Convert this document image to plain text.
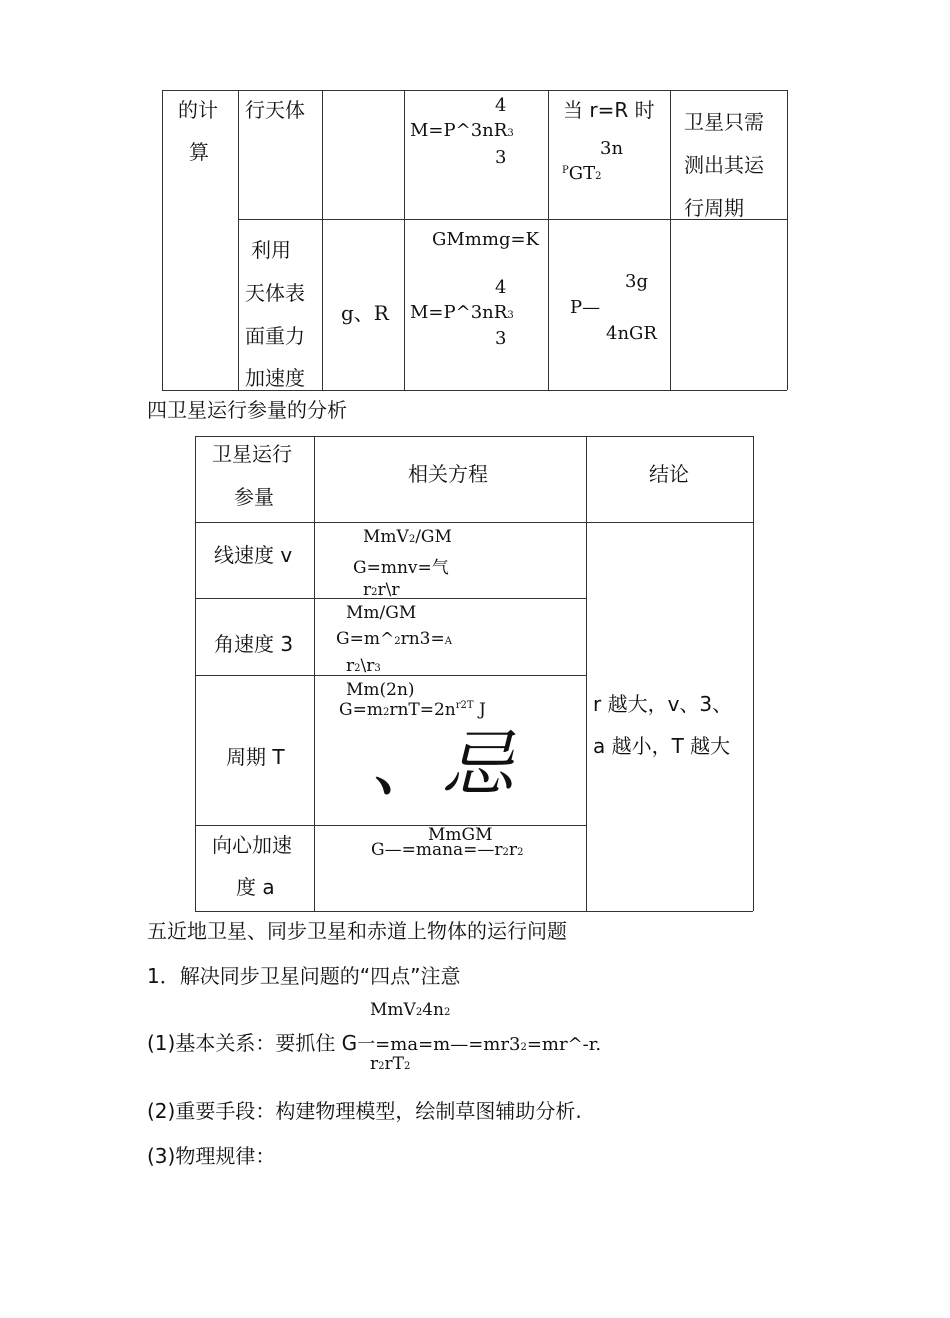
的计
算
行天体	4
M=P^3nR3
3
当 r=R 时
3n
$^P$GT2
卫星只需
测出其运
行周期
利用
天体表
面重力
加速度
g、R
GMmmg=K
4
M=P^3nR3
3
3g
P—
4nGR
四卫星运行参量的分析
卫星运行
参量
相关方程	结论
线速度 v
MmV2/GM
G=mnv=气
r2r\r
角速度 3
Mm/GM
G=m^2rn3=A
r2\r3
周期 T
Mm(2n)
$G=m2rnT=2n^{r2T}$ J
、忌
向心加速
度 a
MmGM
G—=mana=—r2r2
r 越大，v、3、
a 越小，T 越大
五近地卫星、同步卫星和赤道上物体的运行问题
1．解决同步卫星问题的“四点”注意
MmV24n2
(1)基本关系：要抓住 G一=ma=m—=mr32=mr^-r.
r2rT2
(2)重要手段：构建物理模型，绘制草图辅助分析.
(3)物理规律：
